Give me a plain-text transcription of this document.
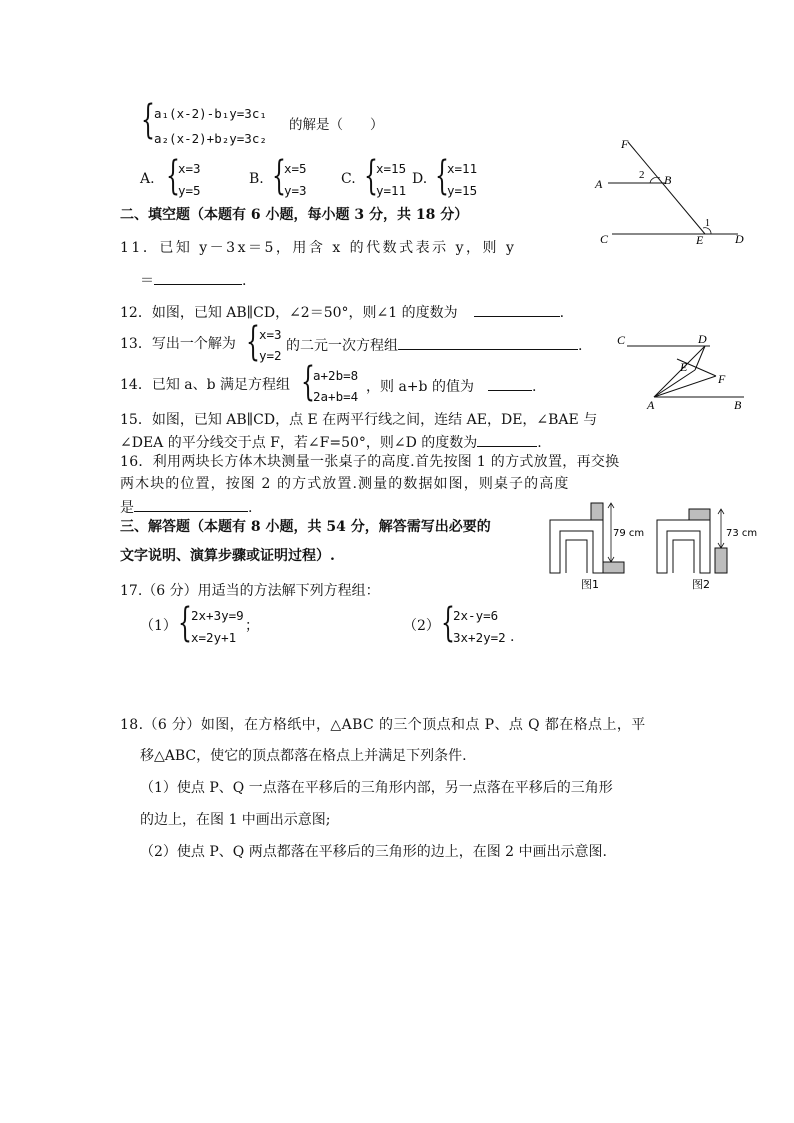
{ a₁(x-2)-b₁y=3c₁
a₂(x-2)+b₂y=3c₂
的解是（　　）
A. {
x=3
y=5
B. {
x=5
y=3
C. {
x=15
y=11
D. {
x=11
y=15
F
A
2 B
1
C	E	D
二、填空题（本题有 6 小题，每小题 3 分，共 18 分）
11．已知 y－3x＝5，用含 x 的代数式表示 y，则 y
＝	.
12．如图，已知 AB∥CD，∠2＝50°，则∠1 的度数为	.
13．写出一个解为 { x=3
y=2
的二元一次方程组	.	C	D
E
F
A	B
14．已知 a、b 满足方程组 {
a+2b=8
2a+b=4
，则 a+b 的值为	.
15．如图，已知 AB∥CD，点 E 在两平行线之间，连结 AE，DE，∠BAE 与
∠DEA 的平分线交于点 F，若∠F=50°，则∠D 的度数为	.
16．利用两块长方体木块测量一张桌子的高度.首先按图 1 的方式放置，再交换
两木块的位置，按图 2 的方式放置.测量的数据如图，则桌子的高度
是	.
79 cm
图1
73 cm
图2
三、解答题（本题有 8 小题，共 54 分，解答需写出必要的
文字说明、演算步骤或证明过程）.
17.（6 分）用适当的方法解下列方程组：
（1） { 2x+3y=9
x=2y+1
；	（2） {
2x-y=6
3x+2y=2 .
18.（6 分）如图，在方格纸中，△ABC 的三个顶点和点 P、点 Q 都在格点上，平
移△ABC，使它的顶点都落在格点上并满足下列条件.
（1）使点 P、Q 一点落在平移后的三角形内部，另一点落在平移后的三角形
的边上，在图 1 中画出示意图;
（2）使点 P、Q 两点都落在平移后的三角形的边上，在图 2 中画出示意图.
